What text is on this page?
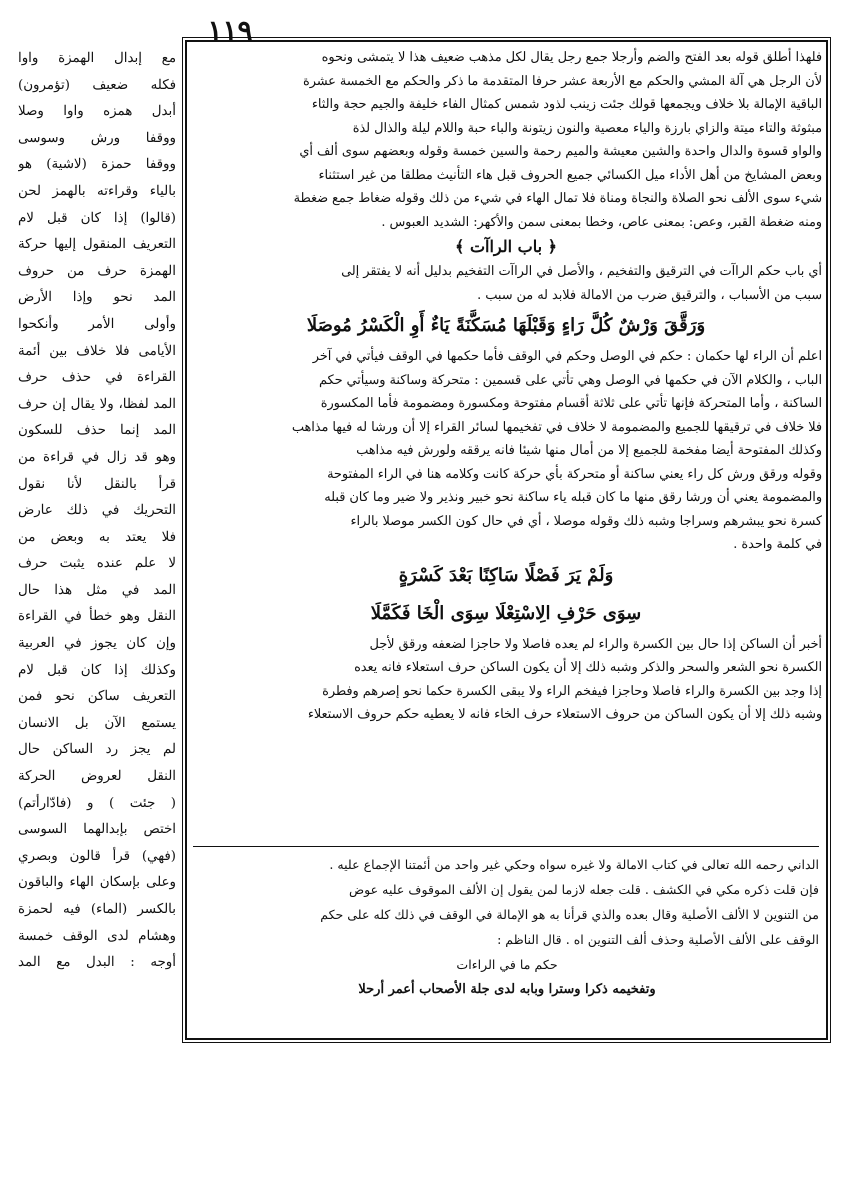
١١٩

مع إبدال الهمزة واوا

فكله ضعيف (تؤمرون)

أبدل همزه واوا وصلا

ووقفا ورش وسوسى

ووقفا حمزة (لاشية) هو

بالياء وقراءته بالهمز لحن

(قالوا) إذا كان قبل لام

التعريف المنقول إليها حركة

الهمزة حرف من حروف

المد نحو وإذا الأرض

وأولى الأمر وأنكحوا

الأيامى فلا خلاف بين أئمة

القراءة في حذف حرف

المد لفظا، ولا يقال إن حرف

المد إنما حذف للسكون

وهو قد زال في قراءة من

قرأ بالنقل لأنا نقول

التحريك في ذلك عارض

فلا يعتد به وبعض من

لا علم عنده يثبت حرف

المد في مثل هذا حال

النقل وهو خطأ في القراءة

وإن كان يجوز في العربية

وكذلك إذا كان قبل لام

التعريف ساكن نحو فمن

يستمع الآن بل الانسان

لم يجز رد الساكن حال

النقل لعروض الحركة

( جئت ) و (فادّارأتم)

اختص بإبدالهما السوسى

(فهي) قرأ قالون وبصري

وعلى بإسكان الهاء والباقون

بالكسر (الماء) فيه لحمزة

وهشام لدى الوقف خمسة

أوجه : البدل مع المد

فلهذا أطلق قوله بعد الفتح والضم وأرجلا جمع رجل يقال لكل مذهب ضعيف هذا لا يتمشى ونحوه

لأن الرجل هي آلة المشي والحكم مع الأربعة عشر حرفا المتقدمة ما ذكر والحكم مع الخمسة عشرة

الباقية الإمالة بلا خلاف ويجمعها قولك جئت زينب لذود شمس كمثال الفاء خليفة والجيم حجة والثاء

مبثوثة والتاء ميتة والزاي بارزة والياء معصية والنون زيتونة والباء حبة واللام ليلة والذال لذة

والواو قسوة والدال واحدة والشين معيشة والميم رحمة والسين خمسة وقوله وبعضهم سوى ألف أي

وبعض المشايخ من أهل الأداء ميل الكسائي جميع الحروف قبل هاء التأنيث مطلقا من غير استثناء

شيء سوى الألف نحو الصلاة والنجاة ومناة فلا تمال الهاء في شيء من ذلك وقوله ضغاط جمع ضغطة

ومنه ضغطة القبر، وعص: بمعنى عاص، وخطا بمعنى سمن والأكهر: الشديد العبوس .

﴿ باب الراآت ﴾

أي باب حكم الراآت في الترقيق والتفخيم ، والأصل في الراآت التفخيم بدليل أنه لا يفتقر إلى

سبب من الأسباب ، والترقيق ضرب من الامالة فلابد له من سبب .

وَرَقَّقَ وَرْشٌ كُلَّ رَاءٍ وَقَبْلَهَا مُسَكَّنَةً يَاءٌ أَوِ الْكَسْرُ مُوصَلَا

اعلم أن الراء لها حكمان : حكم في الوصل وحكم في الوقف فأما حكمها في الوقف فيأتي في آخر

الباب ، والكلام الآن في حكمها في الوصل وهي تأتي على قسمين : متحركة وساكنة وسيأتي حكم

الساكنة ، وأما المتحركة فإنها تأتي على ثلاثة أقسام مفتوحة ومكسورة ومضمومة فأما المكسورة

فلا خلاف في ترقيقها للجميع والمضمومة لا خلاف في تفخيمها لسائر القراء إلا أن ورشا له فيها مذاهب

وكذلك المفتوحة أيضا مفخمة للجميع إلا من أمال منها شيئا فانه يرققه ولورش فيه مذاهب

وقوله ورقق ورش كل راء يعني ساكنة أو متحركة بأي حركة كانت وكلامه هنا في الراء المفتوحة

والمضمومة يعني أن ورشا رقق منها ما كان قبله ياء ساكنة نحو خبير ونذير ولا ضير وما كان قبله

كسرة نحو يبشرهم وسراجا وشبه ذلك وقوله موصلا ، أي في حال كون الكسر موصلا بالراء

في كلمة واحدة .

وَلَمْ يَرَ فَصْلًا سَاكِنًا بَعْدَ كَسْرَةٍ

سِوَى حَرْفِ الِاسْتِعْلَا سِوَى الْخَا فَكَمَّلَا

أخبر أن الساكن إذا حال بين الكسرة والراء لم يعده فاصلا ولا حاجزا لضعفه ورقق لأجل

الكسرة نحو الشعر والسحر والذكر وشبه ذلك إلا أن يكون الساكن حرف استعلاء فانه يعده

إذا وجد بين الكسرة والراء فاصلا وحاجزا فيفخم الراء ولا يبقى الكسرة حكما نحو إصرهم وفطرة

وشبه ذلك إلا أن يكون الساكن من حروف الاستعلاء حرف الخاء فانه لا يعطيه حكم حروف الاستعلاء

الداني رحمه الله تعالى في كتاب الامالة ولا غيره سواه وحكي غير واحد من أئمتنا الإجماع عليه .

فإن قلت ذكره مكي في الكشف . قلت جعله لازما لمن يقول إن الألف الموقوف عليه عوض

من التنوين لا الألف الأصلية وقال بعده والذي قرأنا به هو الإمالة في الوقف في ذلك كله على حكم

الوقف على الألف الأصلية وحذف ألف التنوين اه . قال الناظم :

حكم ما في الراءات

وتفخيمه ذكرا وسترا وبابه لدى جلة الأصحاب أعمر أرحلا
